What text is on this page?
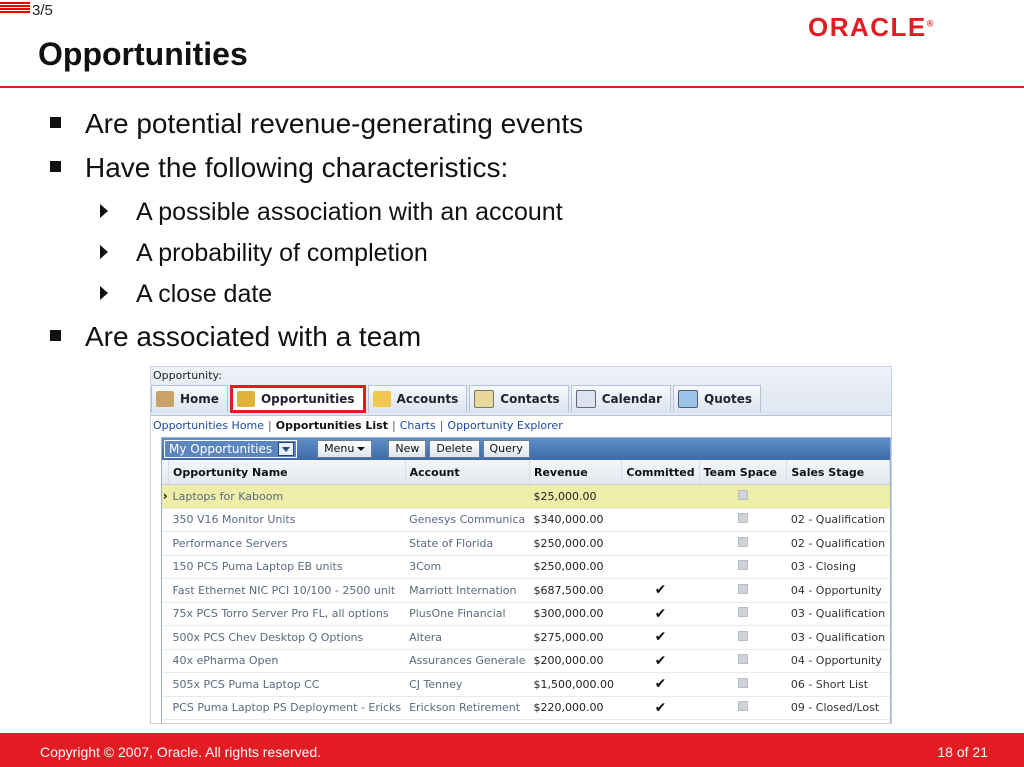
3/5
ORACLE®
Opportunities
Are potential revenue-generating events
Have the following characteristics:
A possible association with an account
A probability of completion
A close date
Are associated with a team
Opportunity:
Home	Opportunities	Accounts	Contacts	Calendar	Quotes
Opportunities Home | Opportunities List | Charts | Opportunity Explorer
My Opportunities	Menu	New	Delete	Query
	Opportunity Name	Account	Revenue	Committed	Team Space	Sales Stage
›	Laptops for Kaboom		$25,000.00			
	350 V16 Monitor Units	Genesys Communica	$340,000.00			02 - Qualification
	Performance Servers	State of Florida	$250,000.00			02 - Qualification
	150 PCS Puma Laptop EB units	3Com	$250,000.00			03 - Closing
	Fast Ethernet NIC PCI 10/100 - 2500 unit	Marriott Internation	$687,500.00	✔		04 - Opportunity
	75x PCS Torro Server Pro FL, all options	PlusOne Financial	$300,000.00	✔		03 - Qualification
	500x PCS Chev Desktop Q Options	Altera	$275,000.00	✔		03 - Qualification
	40x ePharma Open	Assurances Generale	$200,000.00	✔		04 - Opportunity
	505x PCS Puma Laptop CC	CJ Tenney	$1,500,000.00	✔		06 - Short List
	PCS Puma Laptop PS Deployment - Ericks	Erickson Retirement	$220,000.00	✔		09 - Closed/Lost
Copyright © 2007, Oracle. All rights reserved.	18 of 21
